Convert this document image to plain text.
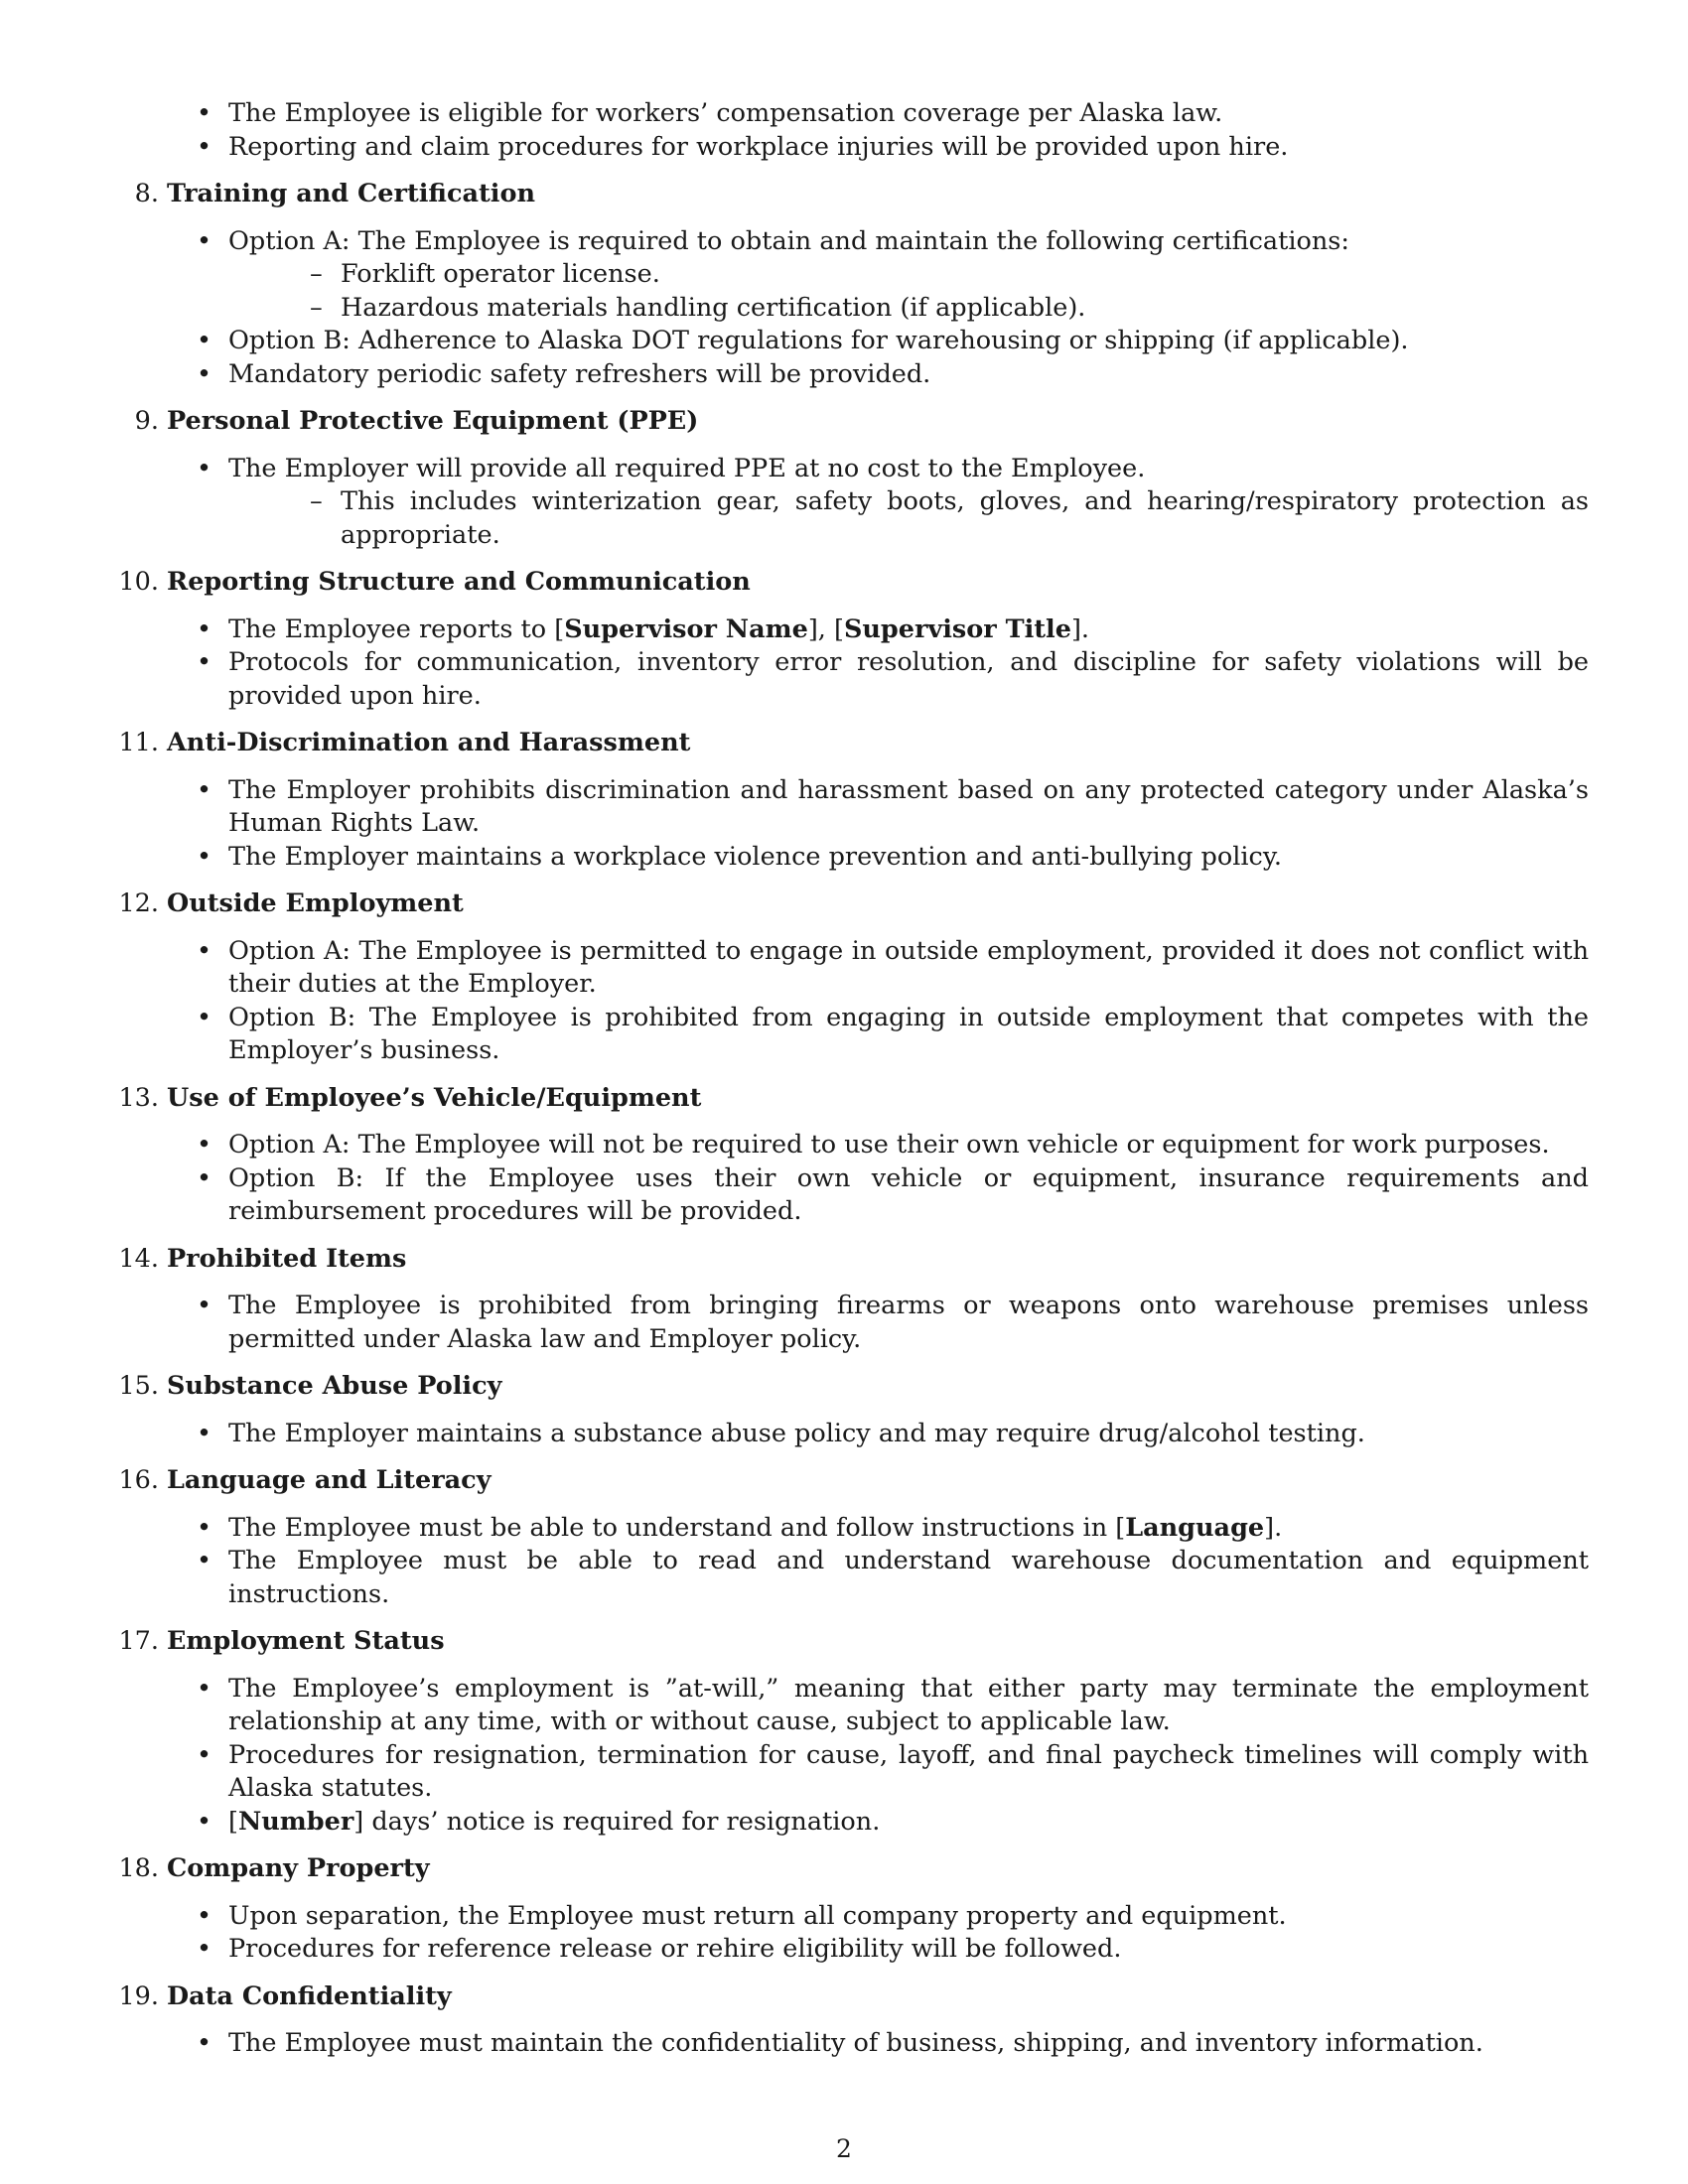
• The Employee is eligible for workers’ compensation coverage per Alaska law.
• Reporting and claim procedures for workplace injuries will be provided upon hire.
8. Training and Certification
• Option A: The Employee is required to obtain and maintain the following certifications:
– Forklift operator license.
– Hazardous materials handling certification (if applicable).
• Option B: Adherence to Alaska DOT regulations for warehousing or shipping (if applicable).
• Mandatory periodic safety refreshers will be provided.
9. Personal Protective Equipment (PPE)
• The Employer will provide all required PPE at no cost to the Employee.
– This includes winterization gear, safety boots, gloves, and hearing/respiratory protection as appropriate.
10. Reporting Structure and Communication
• The Employee reports to [Supervisor Name], [Supervisor Title].
• Protocols for communication, inventory error resolution, and discipline for safety violations will be provided upon hire.
11. Anti-Discrimination and Harassment
• The Employer prohibits discrimination and harassment based on any protected category under Alaska’s Human Rights Law.
• The Employer maintains a workplace violence prevention and anti-bullying policy.
12. Outside Employment
• Option A: The Employee is permitted to engage in outside employment, provided it does not conflict with their duties at the Employer.
• Option B: The Employee is prohibited from engaging in outside employment that competes with the Employer’s business.
13. Use of Employee’s Vehicle/Equipment
• Option A: The Employee will not be required to use their own vehicle or equipment for work purposes.
• Option B: If the Employee uses their own vehicle or equipment, insurance requirements and reimbursement procedures will be provided.
14. Prohibited Items
• The Employee is prohibited from bringing firearms or weapons onto warehouse premises unless permitted under Alaska law and Employer policy.
15. Substance Abuse Policy
• The Employer maintains a substance abuse policy and may require drug/alcohol testing.
16. Language and Literacy
• The Employee must be able to understand and follow instructions in [Language].
• The Employee must be able to read and understand warehouse documentation and equipment instructions.
17. Employment Status
• The Employee’s employment is ”at-will,” meaning that either party may terminate the employment relationship at any time, with or without cause, subject to applicable law.
• Procedures for resignation, termination for cause, layoff, and final paycheck timelines will comply with Alaska statutes.
• [Number] days’ notice is required for resignation.
18. Company Property
• Upon separation, the Employee must return all company property and equipment.
• Procedures for reference release or rehire eligibility will be followed.
19. Data Confidentiality
• The Employee must maintain the confidentiality of business, shipping, and inventory information.
2
